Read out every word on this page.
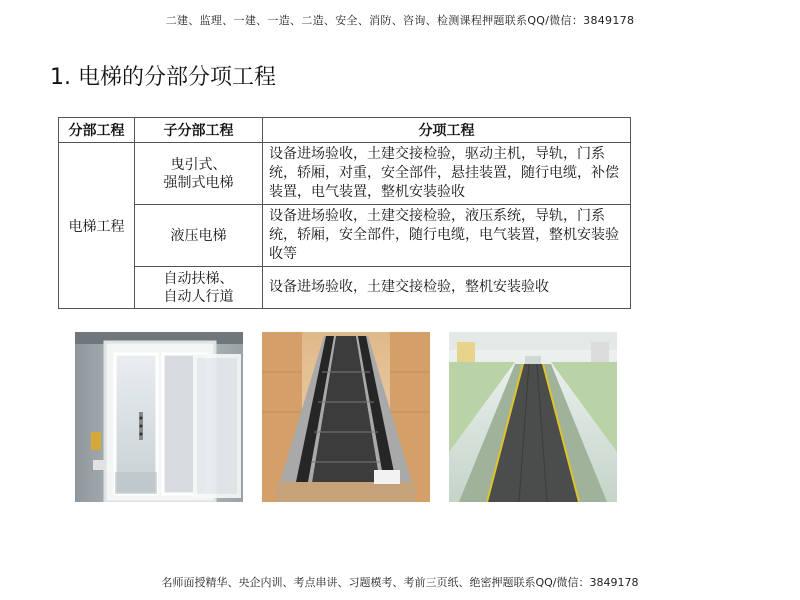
二建、监理、一建、一造、二造、安全、消防、咨询、检测课程押题联系QQ/微信：3849178
1. 电梯的分部分项工程
分部工程	子分部工程	分项工程
电梯工程	曳引式、
强制式电梯	设备进场验收，土建交接检验，驱动主机，导轨，门系统，轿厢，对重，安全部件，悬挂装置，随行电缆，补偿装置，电气装置，整机安装验收

	液压电梯	设备进场验收，土建交接检验，液压系统，导轨，门系统，轿厢，安全部件，随行电缆，电气装置，整机安装验收等

	自动扶梯、
自动人行道	设备进场验收，土建交接检验，整机安装验收
名师面授精华、央企内训、考点串讲、习题模考、考前三页纸、绝密押题联系QQ/微信：3849178
